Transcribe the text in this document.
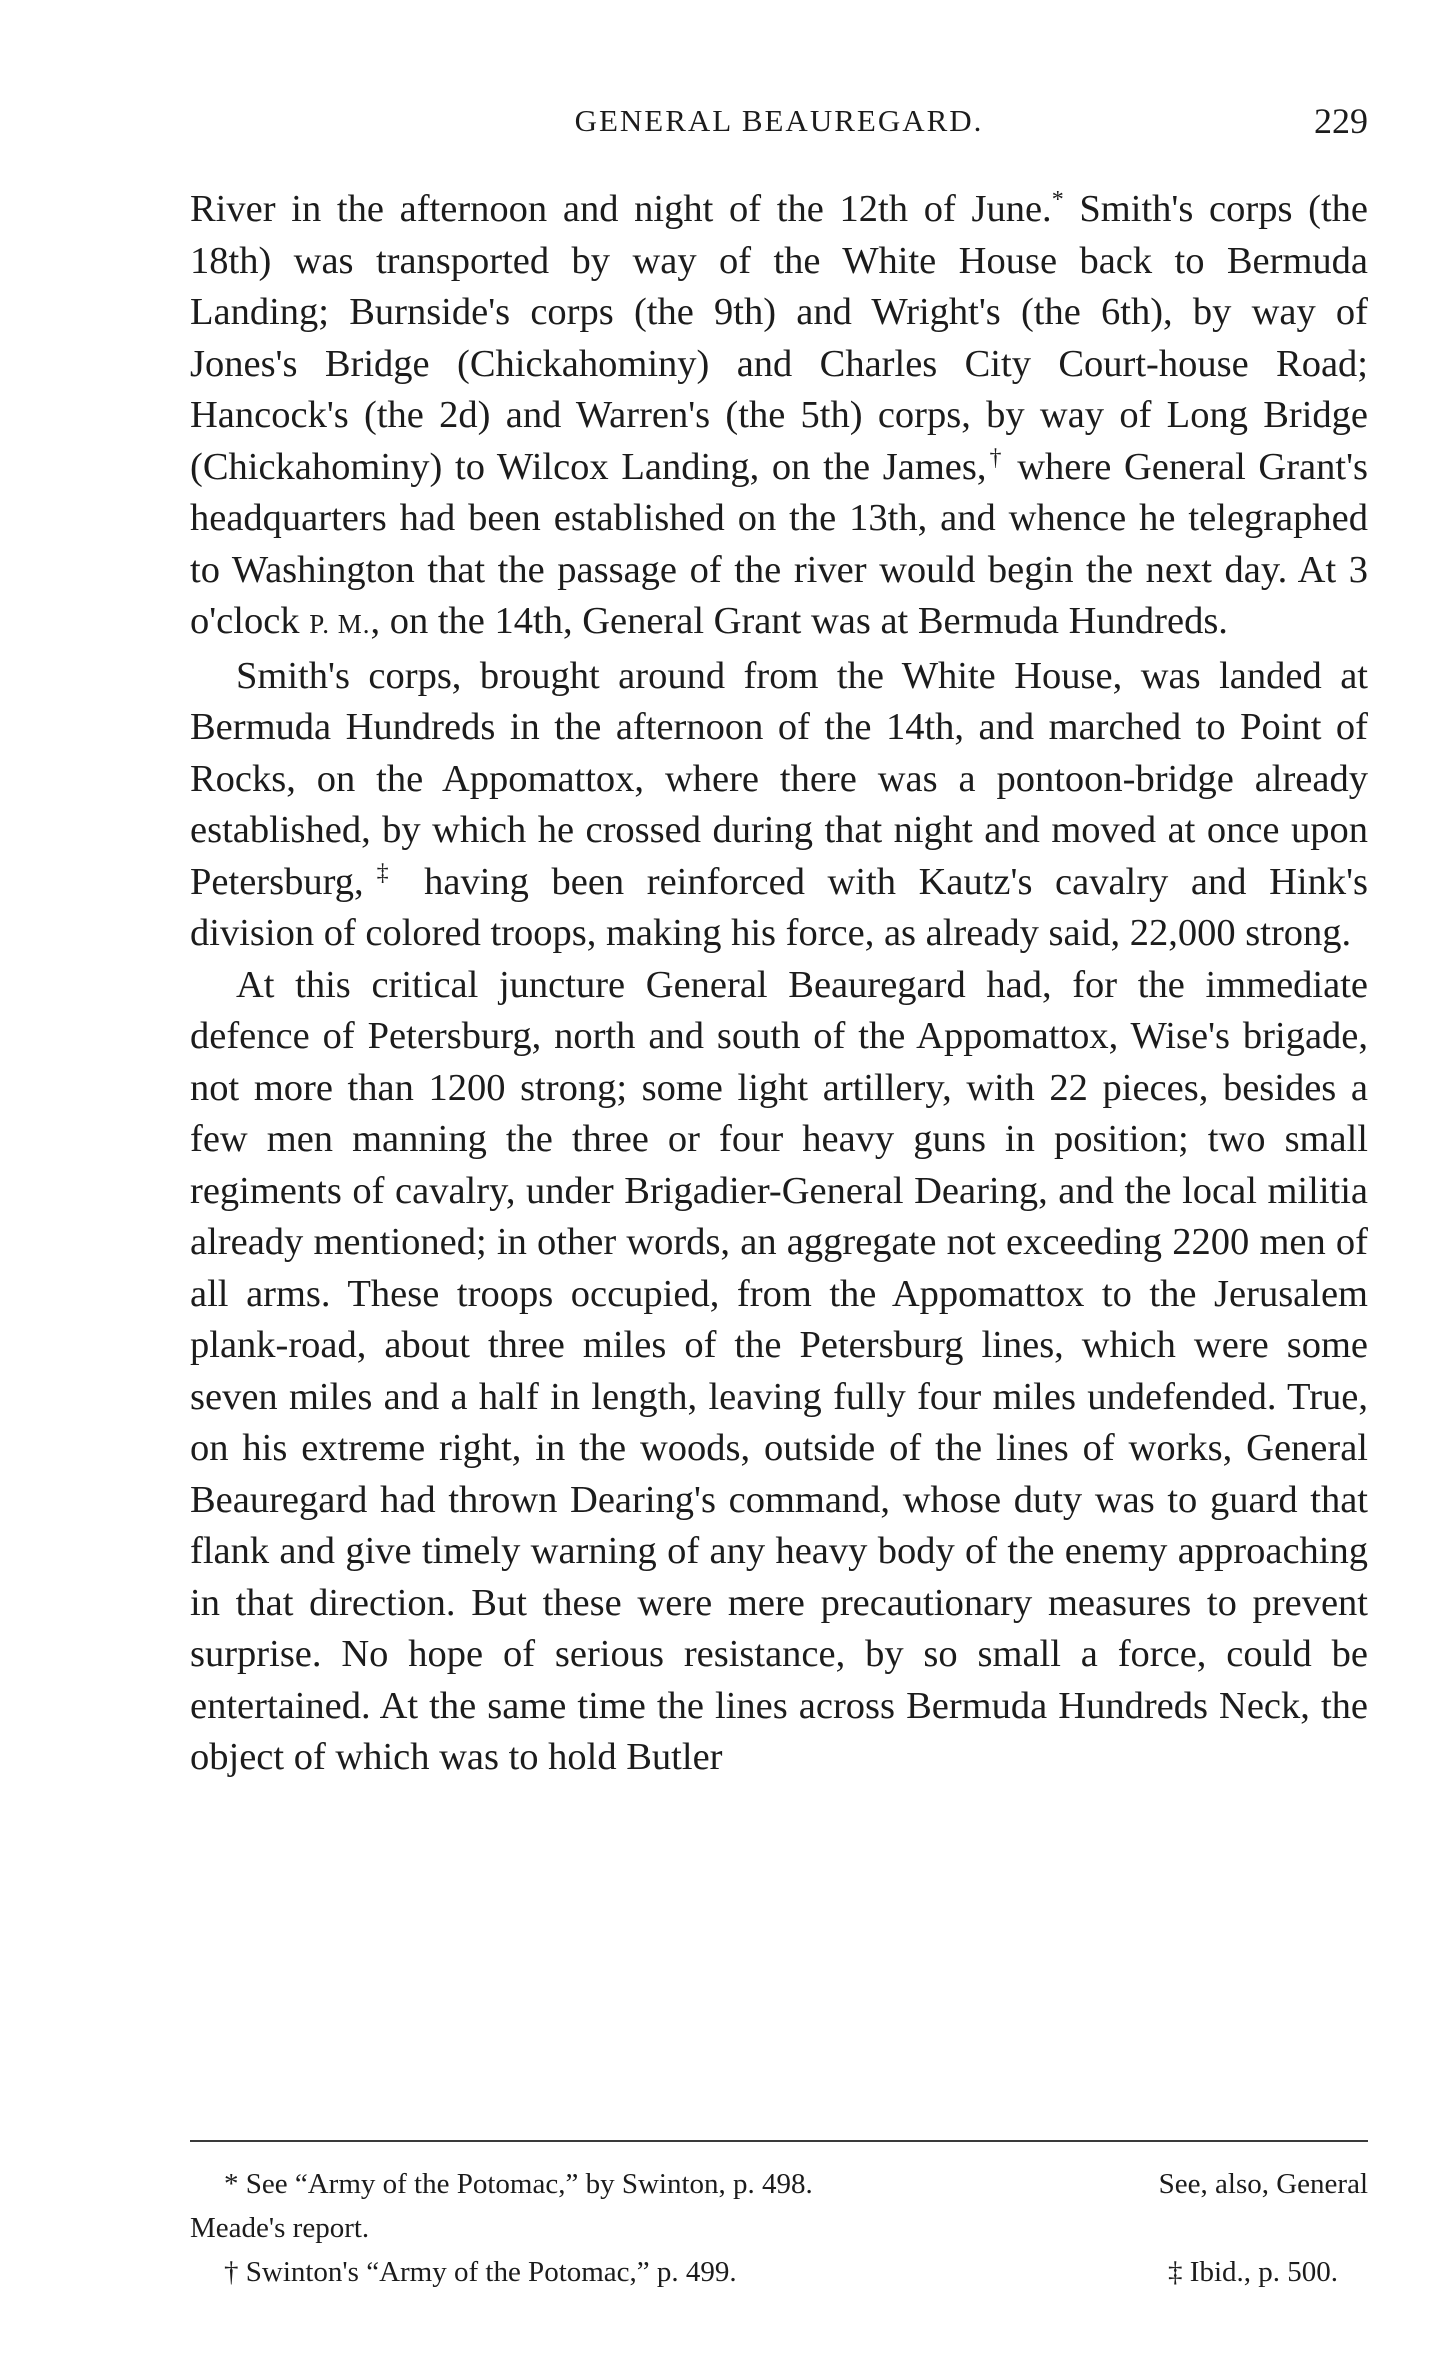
GENERAL BEAUREGARD.	229

River in the afternoon and night of the 12th of June.* Smith's corps (the 18th) was transported by way of the White House back to Bermuda Landing; Burnside's corps (the 9th) and Wright's (the 6th), by way of Jones's Bridge (Chickahominy) and Charles City Court-house Road; Hancock's (the 2d) and Warren's (the 5th) corps, by way of Long Bridge (Chickahominy) to Wilcox Landing, on the James,† where General Grant's headquarters had been established on the 13th, and whence he telegraphed to Washington that the passage of the river would begin the next day. At 3 o'clock P. M., on the 14th, General Grant was at Bermuda Hundreds.

Smith's corps, brought around from the White House, was landed at Bermuda Hundreds in the afternoon of the 14th, and marched to Point of Rocks, on the Appomattox, where there was a pontoon-bridge already established, by which he crossed during that night and moved at once upon Petersburg,‡ having been reinforced with Kautz's cavalry and Hink's division of colored troops, making his force, as already said, 22,000 strong.

At this critical juncture General Beauregard had, for the immediate defence of Petersburg, north and south of the Appomattox, Wise's brigade, not more than 1200 strong; some light artillery, with 22 pieces, besides a few men manning the three or four heavy guns in position; two small regiments of cavalry, under Brigadier-General Dearing, and the local militia already mentioned; in other words, an aggregate not exceeding 2200 men of all arms. These troops occupied, from the Appomattox to the Jerusalem plank-road, about three miles of the Petersburg lines, which were some seven miles and a half in length, leaving fully four miles undefended. True, on his extreme right, in the woods, outside of the lines of works, General Beauregard had thrown Dearing's command, whose duty was to guard that flank and give timely warning of any heavy body of the enemy approaching in that direction. But these were mere precautionary measures to prevent surprise. No hope of serious resistance, by so small a force, could be entertained. At the same time the lines across Bermuda Hundreds Neck, the object of which was to hold Butler

* See “Army of the Potomac,” by Swinton, p. 498.	See, also, General
Meade's report.
† Swinton's “Army of the Potomac,” p. 499.	‡ Ibid., p. 500.
